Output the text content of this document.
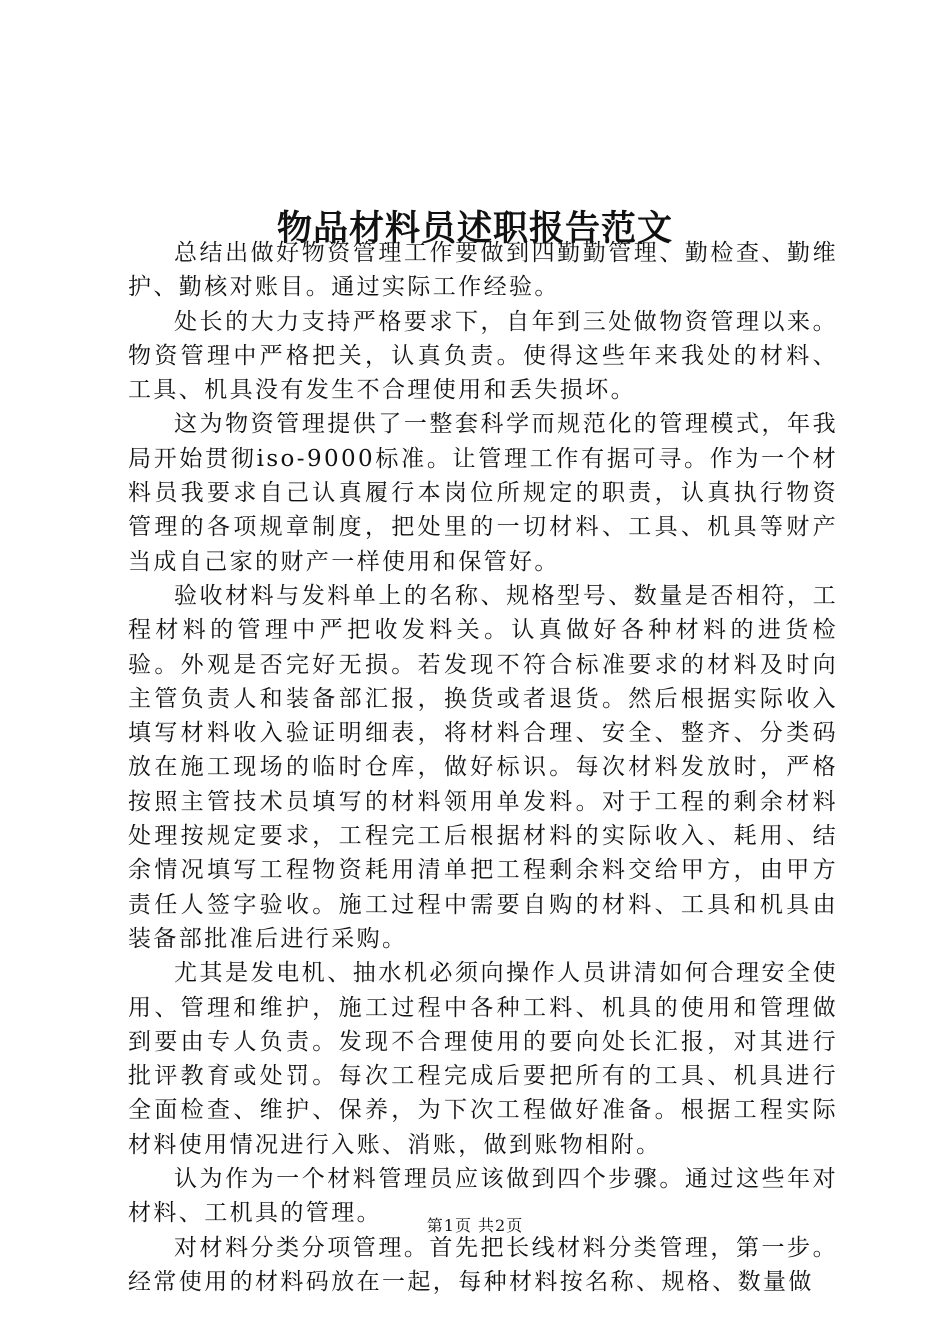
物品材料员述职报告范文

总结出做好物资管理工作要做到四勤勤管理、勤检查、勤维护、勤核对账目。通过实际工作经验。

处长的大力支持严格要求下，自年到三处做物资管理以来。物资管理中严格把关，认真负责。使得这些年来我处的材料、工具、机具没有发生不合理使用和丢失损坏。

这为物资管理提供了一整套科学而规范化的管理模式，年我局开始贯彻iso-9000标准。让管理工作有据可寻。作为一个材料员我要求自己认真履行本岗位所规定的职责，认真执行物资管理的各项规章制度，把处里的一切材料、工具、机具等财产当成自己家的财产一样使用和保管好。

验收材料与发料单上的名称、规格型号、数量是否相符，工程材料的管理中严把收发料关。认真做好各种材料的进货检验。外观是否完好无损。若发现不符合标准要求的材料及时向主管负责人和装备部汇报，换货或者退货。然后根据实际收入填写材料收入验证明细表，将材料合理、安全、整齐、分类码放在施工现场的临时仓库，做好标识。每次材料发放时，严格按照主管技术员填写的材料领用单发料。对于工程的剩余材料处理按规定要求，工程完工后根据材料的实际收入、耗用、结余情况填写工程物资耗用清单把工程剩余料交给甲方，由甲方责任人签字验收。施工过程中需要自购的材料、工具和机具由装备部批准后进行采购。

尤其是发电机、抽水机必须向操作人员讲清如何合理安全使用、管理和维护，施工过程中各种工料、机具的使用和管理做到要由专人负责。发现不合理使用的要向处长汇报，对其进行批评教育或处罚。每次工程完成后要把所有的工具、机具进行全面检查、维护、保养，为下次工程做好准备。根据工程实际材料使用情况进行入账、消账，做到账物相附。

认为作为一个材料管理员应该做到四个步骤。通过这些年对材料、工机具的管理。

对材料分类分项管理。首先把长线材料分类管理，第一步。经常使用的材料码放在一起，每种材料按名称、规格、数量做

第1页 共2页
